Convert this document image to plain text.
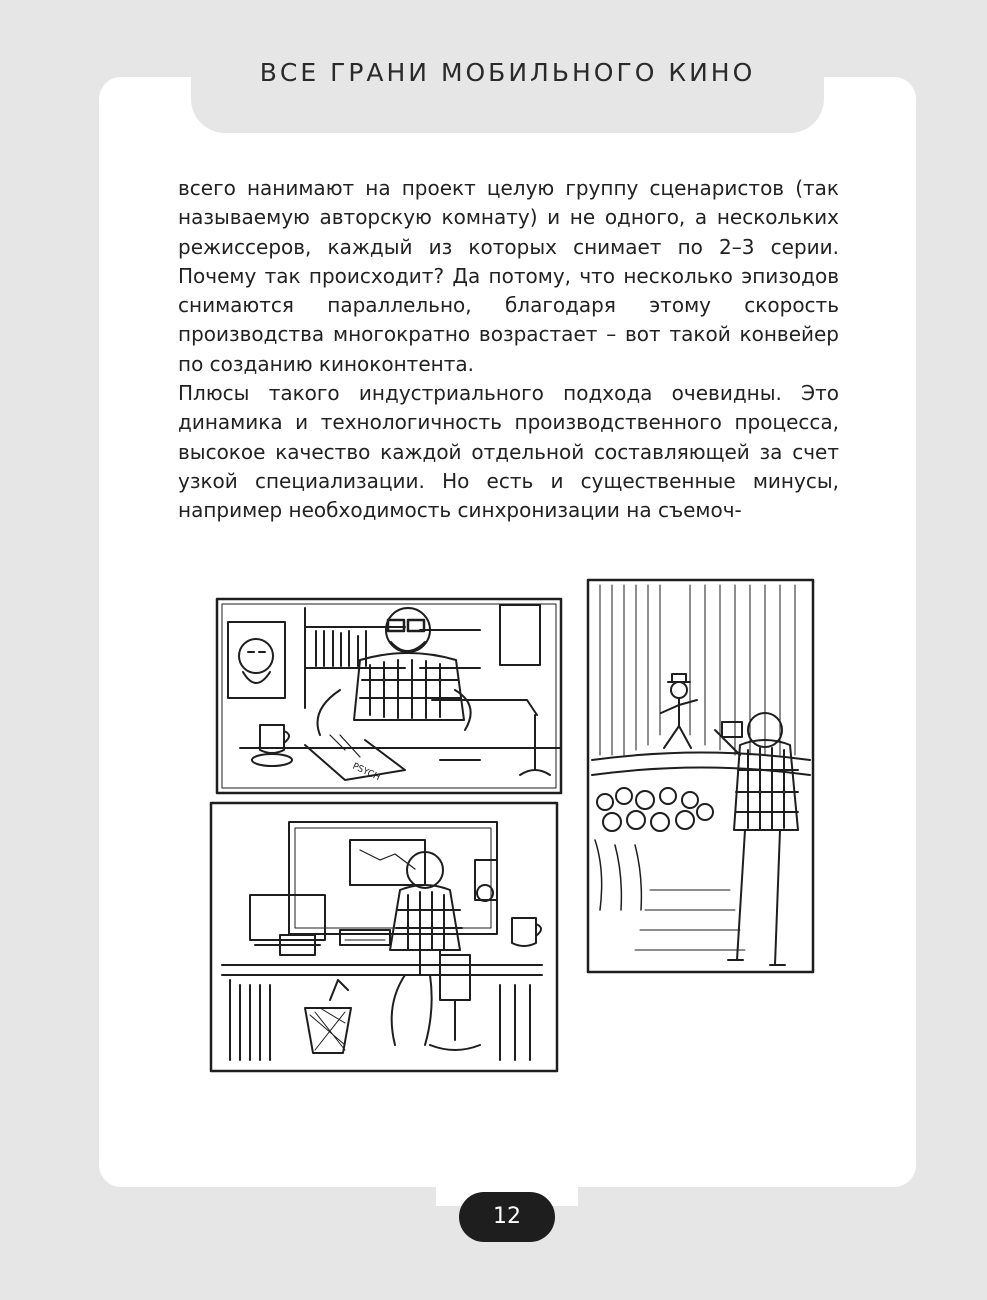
ВСЕ ГРАНИ МОБИЛЬНОГО КИНО

всего нанимают на проект целую группу сценаристов (так называемую авторскую комнату) и не одного, а нескольких режиссеров, каждый из которых снимает по 2–3 серии. Почему так происходит? Да потому, что несколько эпизодов снимаются параллельно, благодаря этому скорость производства многократно возрастает – вот такой конвейер по созданию киноконтента.

Плюсы такого индустриального подхода очевидны. Это динамика и технологичность производственного процесса, высокое качество каждой отдельной составляющей за счет узкой специализации. Но есть и существенные минусы, например необходимость синхронизации на съемоч-

PSYCH
12
